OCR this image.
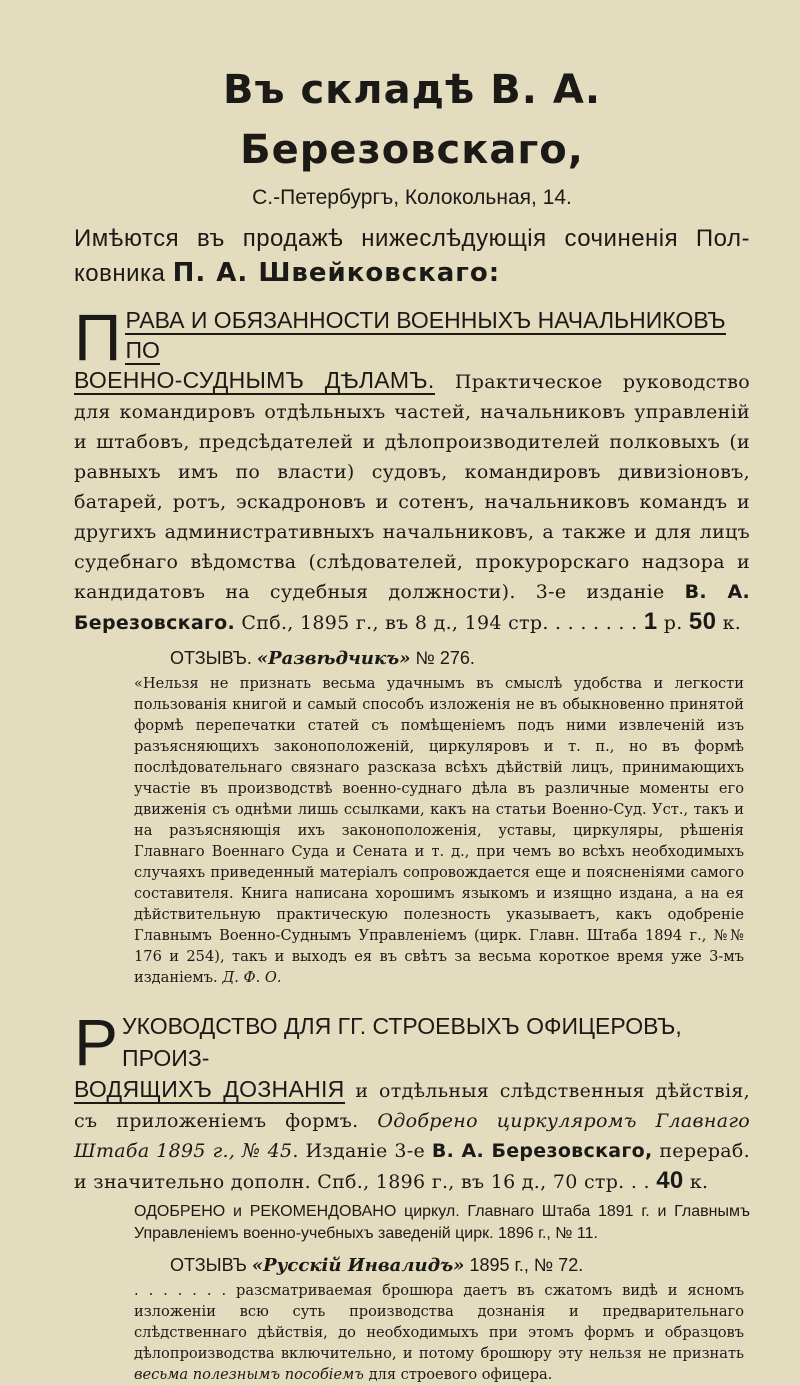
Въ складѣ В. А. Березовскаго,
С.-Петербургъ, Колокольная, 14.
Имѣются въ продажѣ нижеслѣдующія сочиненія Пол-ковника П. А. Швейковскаго:
П РАВА И ОБЯЗАННОСТИ ВОЕННЫХЪ НАЧАЛЬНИКОВЪ ПО
ВОЕННО-СУДНЫМЪ ДѢЛАМЪ. Практическое руководство для командировъ отдѣльныхъ частей, начальниковъ управленій и штабовъ, предсѣдателей и дѣлопроизводителей полковыхъ (и равныхъ имъ по власти) судовъ, командировъ дивизіоновъ, батарей, ротъ, эскадроновъ и сотенъ, начальниковъ командъ и другихъ административныхъ начальниковъ, а также и для лицъ судебнаго вѣдомства (слѣдователей, прокурорскаго надзора и кандидатовъ на судебныя должности). 3-е изданіе В. А. Березовскаго. Спб., 1895 г., въ 8 д., 194 стр. . . . . . . . 1 р. 50 к.
ОТЗЫВЪ. «Развѣдчикъ» № 276.
«Нельзя не признать весьма удачнымъ въ смыслѣ удобства и легкости пользованія книгой и самый способъ изложенія не въ обыкновенно принятой формѣ перепечатки статей съ помѣщеніемъ подъ ними извлеченій изъ разъясняющихъ законоположеній, циркуляровъ и т. п., но въ формѣ послѣдовательнаго связнаго разсказа всѣхъ дѣйствій лицъ, принимающихъ участіе въ производствѣ военно-суднаго дѣла въ различные моменты его движенія съ однѣми лишь ссылками, какъ на статьи Военно-Суд. Уст., такъ и на разъясняющія ихъ законоположенія, уставы, циркуляры, рѣшенія Главнаго Военнаго Суда и Сената и т. д., при чемъ во всѣхъ необходимыхъ случаяхъ приведенный матеріалъ сопровождается еще и поясненіями самого составителя. Книга написана хорошимъ языкомъ и изящно издана, а на ея дѣйствительную практическую полезность указываетъ, какъ одобреніе Главнымъ Военно-Суднымъ Управленіемъ (цирк. Главн. Штаба 1894 г., №№ 176 и 254), такъ и выходъ ея въ свѣтъ за весьма короткое время уже 3-мъ изданіемъ. Д. Ф. О.
Р УКОВОДСТВО ДЛЯ ГГ. СТРОЕВЫХЪ ОФИЦЕРОВЪ, ПРОИЗ-
ВОДЯЩИХЪ ДОЗНАНІЯ и отдѣльныя слѣдственныя дѣйствія, съ приложеніемъ формъ. Одобрено циркуляромъ Главнаго Штаба 1895 г., № 45. Изданіе 3-е В. А. Березовскаго, перераб. и значительно дополн. Спб., 1896 г., въ 16 д., 70 стр. . . 40 к.
ОДОБРЕНО и РЕКОМЕНДОВАНО циркул. Главнаго Штаба 1891 г. и Главнымъ Управленіемъ военно-учебныхъ заведеній цирк. 1896 г., № 11.
ОТЗЫВЪ «Русскій Инвалидъ» 1895 г., № 72.
. . . . . . . разсматриваемая брошюра даетъ въ сжатомъ видѣ и ясномъ изложеніи всю суть производства дознанія и предварительнаго слѣдственнаго дѣйствія, до необходимыхъ при этомъ формъ и образцовъ дѣлопроизводства включительно, и потому брошюру эту нельзя не признать весьма полезнымъ пособіемъ для строевого офицера.
